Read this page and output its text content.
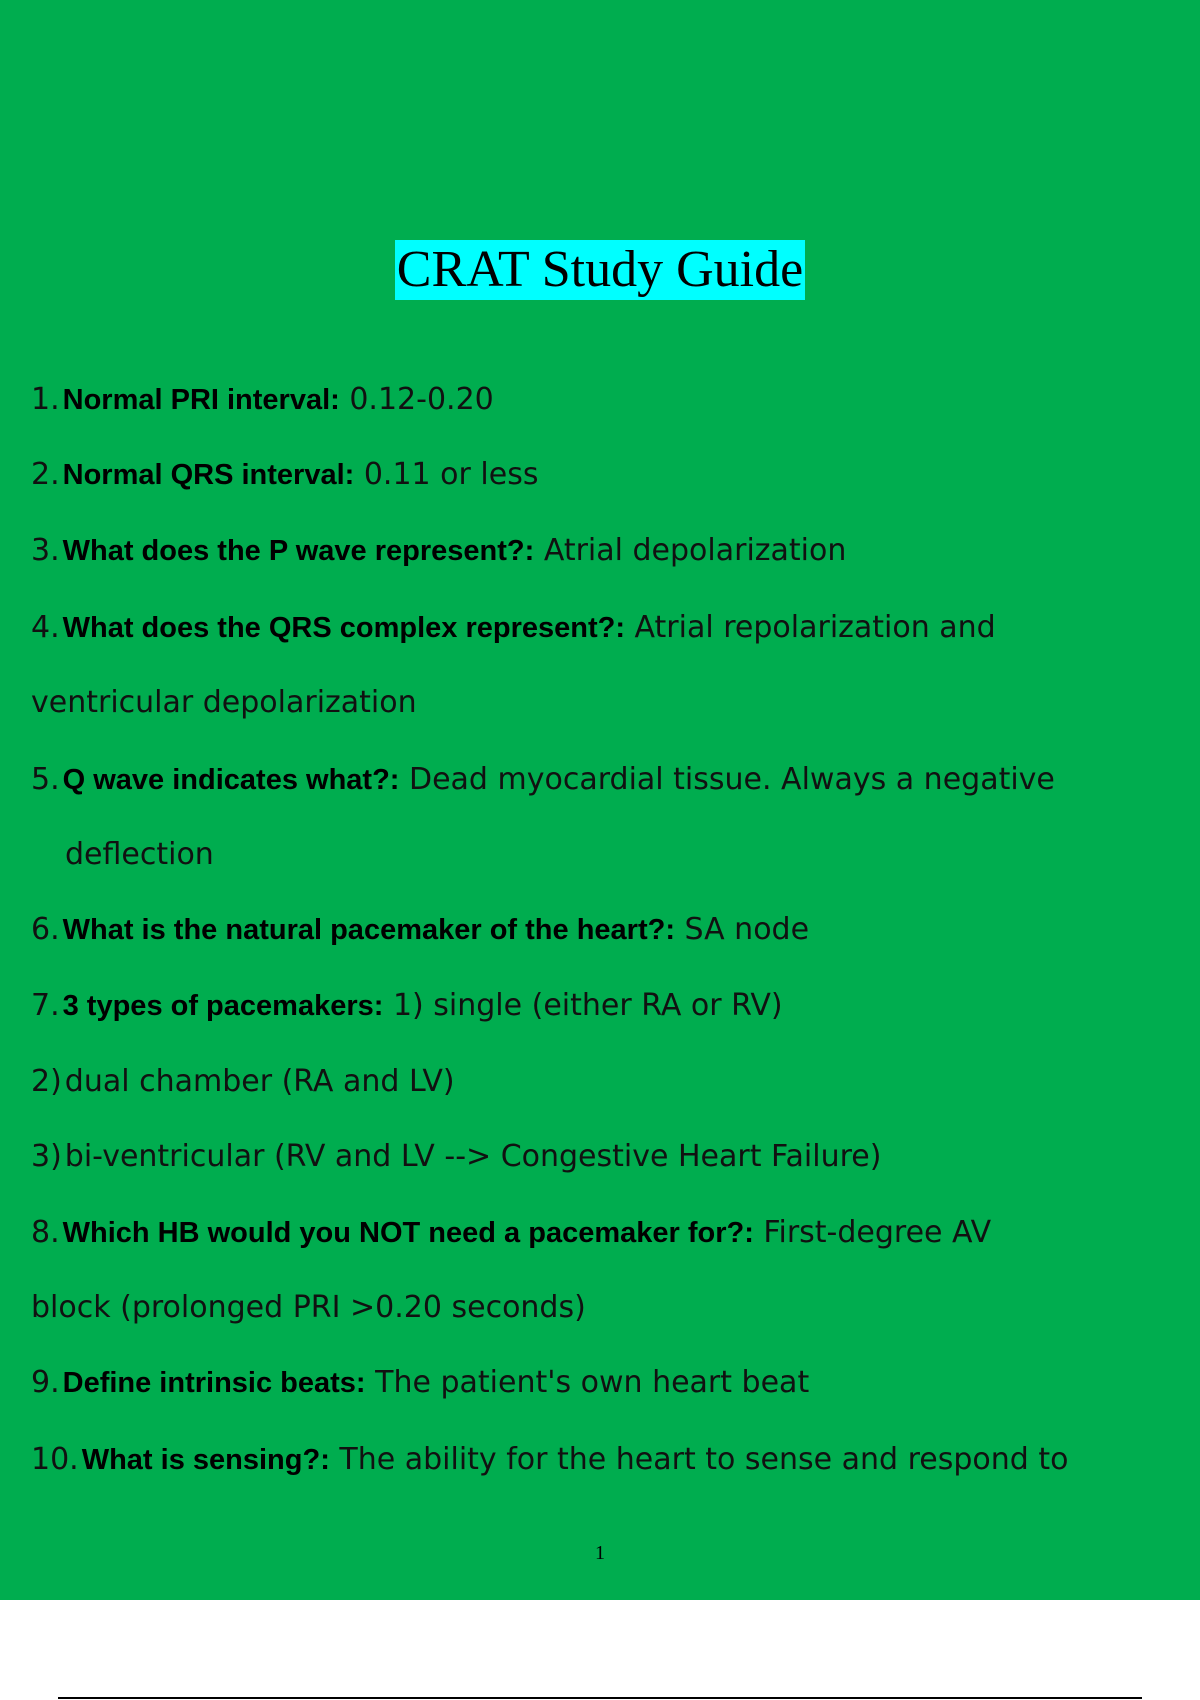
CRAT Study Guide
1. Normal PRI interval: 0.12-0.20
2. Normal QRS interval: 0.11 or less
3. What does the P wave represent?: Atrial depolarization
4. What does the QRS complex represent?: Atrial repolarization and
ventricular depolarization
5. Q wave indicates what?: Dead myocardial tissue. Always a negative
deflection
6. What is the natural pacemaker of the heart?: SA node
7. 3 types of pacemakers: 1) single (either RA or RV)
2) dual chamber (RA and LV)
3) bi-ventricular (RV and LV --> Congestive Heart Failure)
8. Which HB would you NOT need a pacemaker for?: First-degree AV
block (prolonged PRI >0.20 seconds)
9. Define intrinsic beats: The patient's own heart beat
10. What is sensing?: The ability for the heart to sense and respond to
1
